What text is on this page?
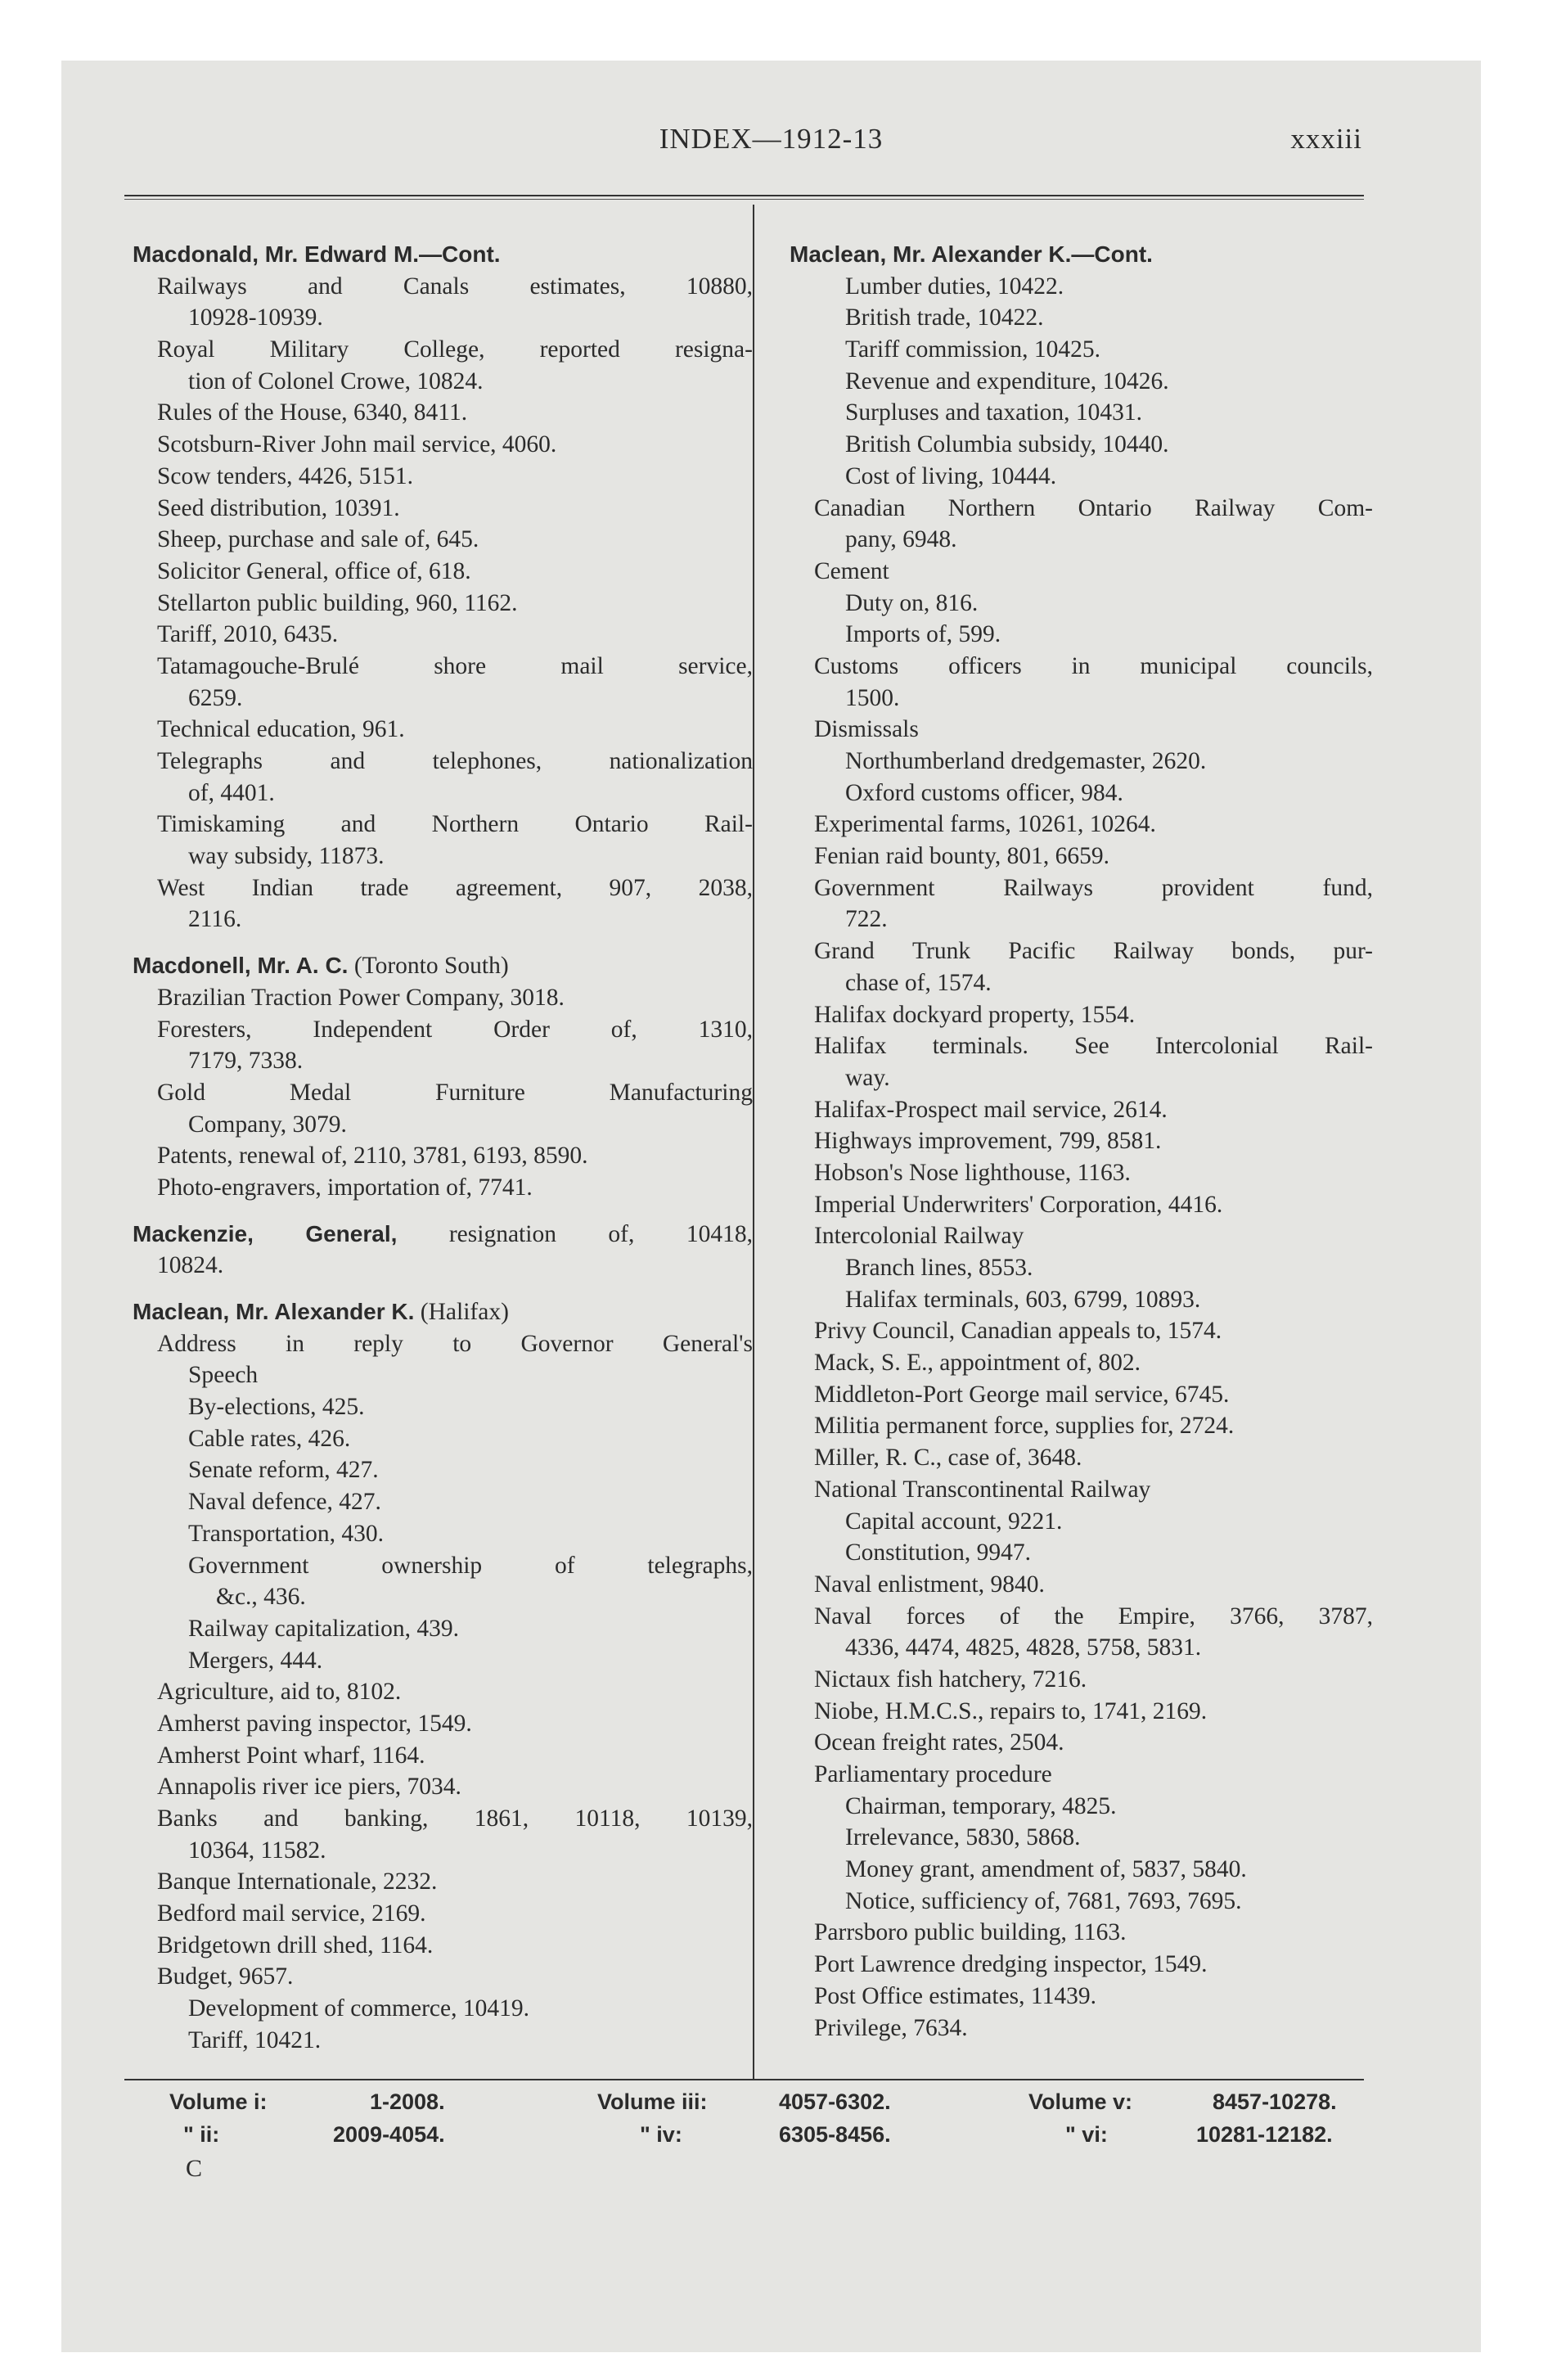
INDEX—1912-13	xxxiii
Macdonald, Mr. Edward M.—Cont.
Railways	and	Canals	estimates,	10880,
10928-10939.
Royal Military College, reported resigna-
tion of Colonel Crowe, 10824.
Rules of the House, 6340, 8411.
Scotsburn-River John mail service, 4060.
Scow tenders, 4426, 5151.
Seed distribution, 10391.
Sheep, purchase and sale of, 645.
Solicitor General, office of, 618.
Stellarton public building, 960, 1162.
Tariff, 2010, 6435.
Tatamagouche-Brulé	shore	mail	service,
6259.
Technical education, 961.
Telegraphs	and	telephones,	nationalization
of, 4401.
Timiskaming and Northern Ontario Rail-
way subsidy, 11873.
West Indian trade agreement, 907, 2038,
2116.
Macdonell, Mr. A. C. (Toronto South)
Brazilian Traction Power Company, 3018.
Foresters,	Independent	Order	of,	1310,
7179, 7338.
Gold	Medal	Furniture	Manufacturing
Company, 3079.
Patents, renewal of, 2110, 3781, 6193, 8590.
Photo-engravers, importation of, 7741.
Mackenzie, General, resignation of, 10418,
10824.
Maclean, Mr. Alexander K. (Halifax)
Address in reply to Governor General's
Speech
By-elections, 425.
Cable rates, 426.
Senate reform, 427.
Naval defence, 427.
Transportation, 430.
Government	ownership	of	telegraphs,
&c., 436.
Railway capitalization, 439.
Mergers, 444.
Agriculture, aid to, 8102.
Amherst paving inspector, 1549.
Amherst Point wharf, 1164.
Annapolis river ice piers, 7034.
Banks and banking, 1861, 10118, 10139,
10364, 11582.
Banque Internationale, 2232.
Bedford mail service, 2169.
Bridgetown drill shed, 1164.
Budget, 9657.
Development of commerce, 10419.
Tariff, 10421.
Maclean, Mr. Alexander K.—Cont.
Lumber duties, 10422.
British trade, 10422.
Tariff commission, 10425.
Revenue and expenditure, 10426.
Surpluses and taxation, 10431.
British Columbia subsidy, 10440.
Cost of living, 10444.
Canadian Northern Ontario Railway Com-
pany, 6948.
Cement
Duty on, 816.
Imports of, 599.
Customs officers in municipal councils,
1500.
Dismissals
Northumberland dredgemaster, 2620.
Oxford customs officer, 984.
Experimental farms, 10261, 10264.
Fenian raid bounty, 801, 6659.
Government	Railways	provident	fund,
722.
Grand Trunk Pacific Railway bonds, pur-
chase of, 1574.
Halifax dockyard property, 1554.
Halifax terminals. See Intercolonial Rail-
way.
Halifax-Prospect mail service, 2614.
Highways improvement, 799, 8581.
Hobson's Nose lighthouse, 1163.
Imperial Underwriters' Corporation, 4416.
Intercolonial Railway
Branch lines, 8553.
Halifax terminals, 603, 6799, 10893.
Privy Council, Canadian appeals to, 1574.
Mack, S. E., appointment of, 802.
Middleton-Port George mail service, 6745.
Militia permanent force, supplies for, 2724.
Miller, R. C., case of, 3648.
National Transcontinental Railway
Capital account, 9221.
Constitution, 9947.
Naval enlistment, 9840.
Naval forces of the Empire, 3766, 3787,
4336, 4474, 4825, 4828, 5758, 5831.
Nictaux fish hatchery, 7216.
Niobe, H.M.C.S., repairs to, 1741, 2169.
Ocean freight rates, 2504.
Parliamentary procedure
Chairman, temporary, 4825.
Irrelevance, 5830, 5868.
Money grant, amendment of, 5837, 5840.
Notice, sufficiency of, 7681, 7693, 7695.
Parrsboro public building, 1163.
Port Lawrence dredging inspector, 1549.
Post Office estimates, 11439.
Privilege, 7634.
Volume i:	1-2008.
" ii:	2009-4054.
Volume iii:	4057-6302.
" iv:	6305-8456.
Volume v:	8457-10278.
" vi:	10281-12182.
C
